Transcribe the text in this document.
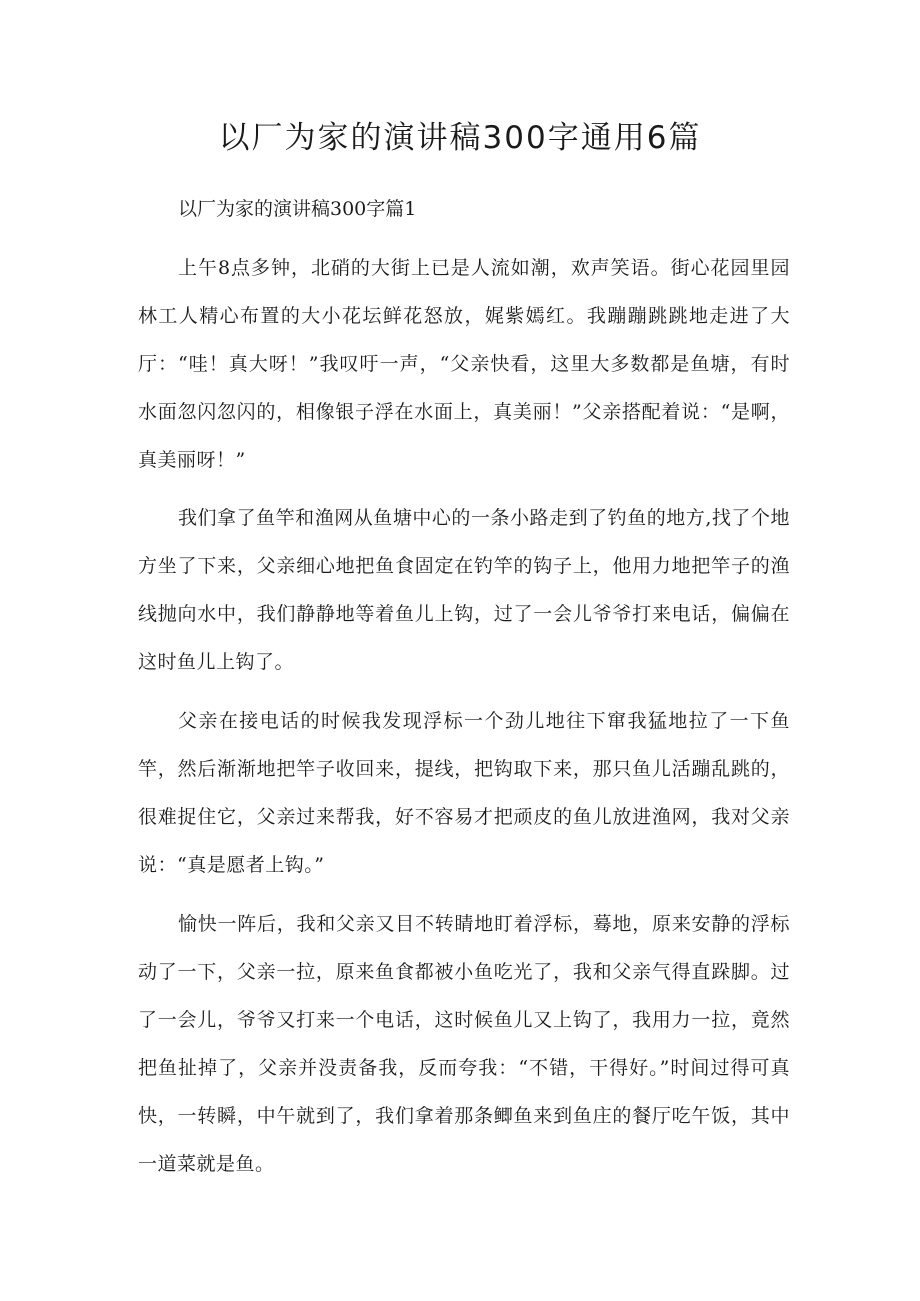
以厂为家的演讲稿300字通用6篇

以厂为家的演讲稿300字篇1

上午8点多钟，北硝的大街上已是人流如潮，欢声笑语。街心花园里园林工人精心布置的大小花坛鲜花怒放，娓紫嫣红。我蹦蹦跳跳地走进了大厅：“哇！真大呀！”我叹吁一声，“父亲快看，这里大多数都是鱼塘，有时水面忽闪忽闪的，相像银子浮在水面上，真美丽！”父亲搭配着说：“是啊，真美丽呀！”

我们拿了鱼竿和渔网从鱼塘中心的一条小路走到了钓鱼的地方,找了个地方坐了下来，父亲细心地把鱼食固定在钓竿的钩子上，他用力地把竿子的渔线抛向水中，我们静静地等着鱼儿上钩，过了一会儿爷爷打来电话，偏偏在这时鱼儿上钩了。

父亲在接电话的时候我发现浮标一个劲儿地往下窜我猛地拉了一下鱼竿，然后渐渐地把竿子收回来，提线，把钩取下来，那只鱼儿活蹦乱跳的，很难捉住它，父亲过来帮我，好不容易才把顽皮的鱼儿放进渔网，我对父亲说：“真是愿者上钩。”

愉快一阵后，我和父亲又目不转睛地盯着浮标，蓦地，原来安静的浮标动了一下，父亲一拉，原来鱼食都被小鱼吃光了，我和父亲气得直跺脚。过了一会儿，爷爷又打来一个电话，这时候鱼儿又上钩了，我用力一拉，竟然把鱼扯掉了，父亲并没责备我，反而夸我：“不错，干得好。”时间过得可真快，一转瞬，中午就到了，我们拿着那条鲫鱼来到鱼庄的餐厅吃午饭，其中一道菜就是鱼。
